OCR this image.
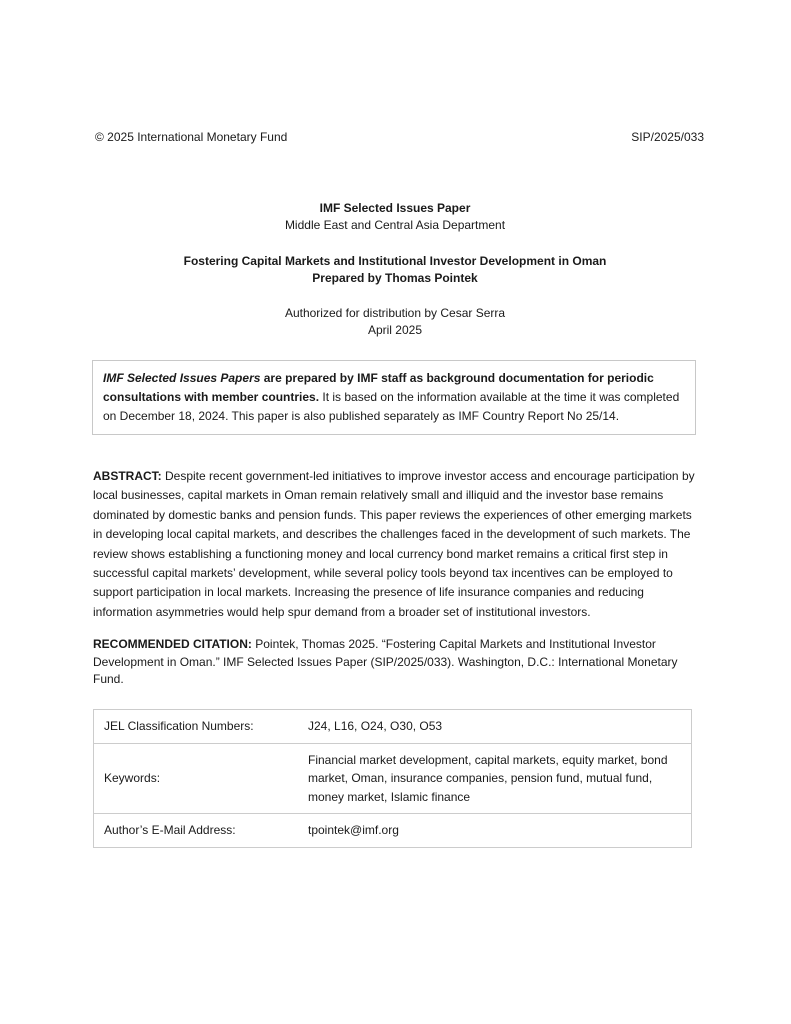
© 2025 International Monetary Fund	SIP/2025/033
IMF Selected Issues Paper
Middle East and Central Asia Department
Fostering Capital Markets and Institutional Investor Development in Oman
Prepared by Thomas Pointek
Authorized for distribution by Cesar Serra
April 2025
IMF Selected Issues Papers are prepared by IMF staff as background documentation for periodic consultations with member countries. It is based on the information available at the time it was completed on December 18, 2024. This paper is also published separately as IMF Country Report No 25/14.
ABSTRACT: Despite recent government-led initiatives to improve investor access and encourage participation by local businesses, capital markets in Oman remain relatively small and illiquid and the investor base remains dominated by domestic banks and pension funds. This paper reviews the experiences of other emerging markets in developing local capital markets, and describes the challenges faced in the development of such markets. The review shows establishing a functioning money and local currency bond market remains a critical first step in successful capital markets’ development, while several policy tools beyond tax incentives can be employed to support participation in local markets. Increasing the presence of life insurance companies and reducing information asymmetries would help spur demand from a broader set of institutional investors.
RECOMMENDED CITATION: Pointek, Thomas 2025. “Fostering Capital Markets and Institutional Investor Development in Oman.” IMF Selected Issues Paper (SIP/2025/033). Washington, D.C.: International Monetary Fund.
JEL Classification Numbers:	J24, L16, O24, O30, O53
Keywords:	Financial market development, capital markets, equity market, bond market, Oman, insurance companies, pension fund, mutual fund, money market, Islamic finance
Author’s E-Mail Address:	tpointek@imf.org
